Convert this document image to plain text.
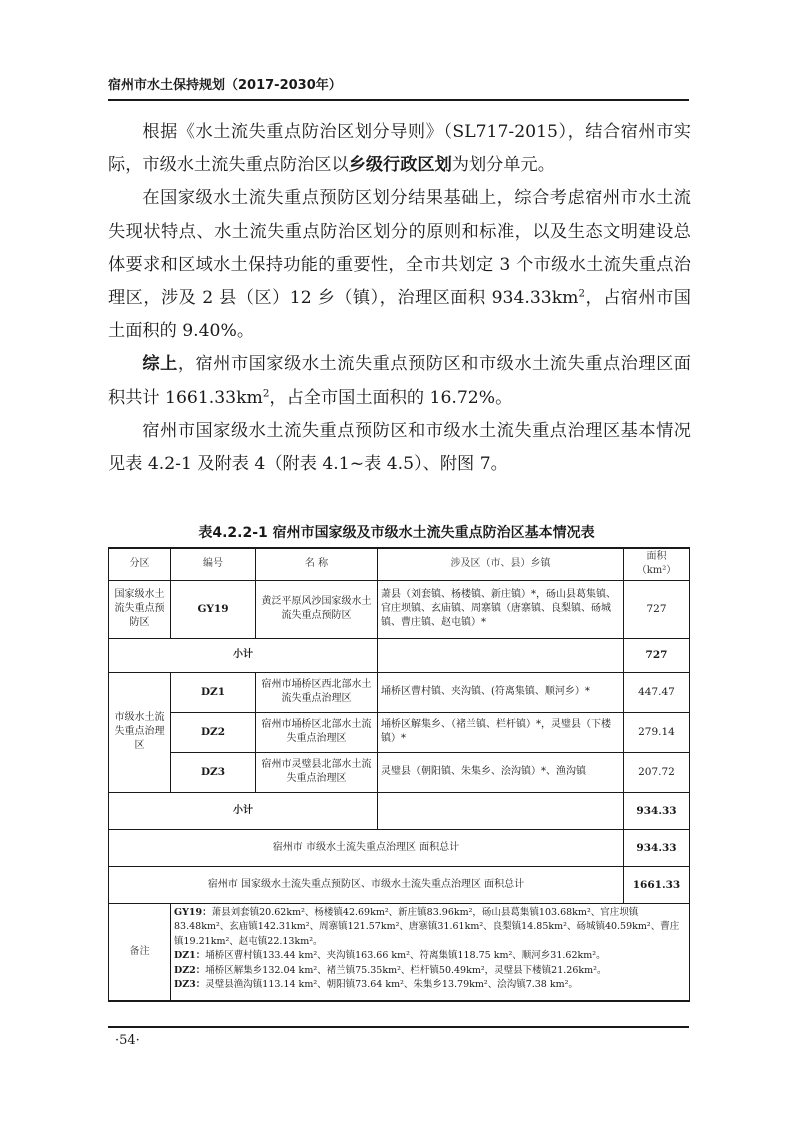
宿州市水土保持规划（2017-2030年）

根据《水土流失重点防治区划分导则》（SL717-2015），结合宿州市实际，市级水土流失重点防治区以乡级行政区划为划分单元。

在国家级水土流失重点预防区划分结果基础上，综合考虑宿州市水土流失现状特点、水土流失重点防治区划分的原则和标准，以及生态文明建设总体要求和区域水土保持功能的重要性，全市共划定 3 个市级水土流失重点治理区，涉及 2 县（区）12 乡（镇），治理区面积 $934.33km^2$，占宿州市国土面积的 9.40%。

综上，宿州市国家级水土流失重点预防区和市级水土流失重点治理区面积共计 $1661.33km^2$，占全市国土面积的 16.72%。

宿州市国家级水土流失重点预防区和市级水土流失重点治理区基本情况见表 4.2-1 及附表 4（附表 4.1~表 4.5）、附图 7。

表4.2.2-1 宿州市国家级及市级水土流失重点防治区基本情况表
分区	编号	名 称	涉及区（市、县）乡镇	面积
（km²）
国家级水土流失重点预防区	GY19	黄泛平原风沙国家级水土流失重点预防区	萧县（刘套镇、杨楼镇、新庄镇）*，砀山县葛集镇、官庄坝镇、玄庙镇、周寨镇（唐寨镇、良梨镇、砀城镇、曹庄镇、赵屯镇）*	727
小计				727
市级水土流失重点治理区	DZ1	宿州市埇桥区西北部水土流失重点治理区	埇桥区曹村镇、夹沟镇、(符离集镇、顺河乡）*	447.47
	DZ2	宿州市埇桥区北部水土流失重点治理区	埇桥区解集乡、（褚兰镇、栏杆镇）*，灵璧县（下楼镇）*	279.14
	DZ3	宿州市灵璧县北部水土流失重点治理区	灵璧县（朝阳镇、朱集乡、浍沟镇）*、渔沟镇	207.72
小计				934.33
宿州市 市级水土流失重点治理区 面积总计				934.33
宿州市 国家级水土流失重点预防区、市级水土流失重点治理区 面积总计				1661.33
备注	GY19：萧县刘套镇20.62km²、杨楼镇42.69km²、新庄镇83.96km²，砀山县葛集镇103.68km²、官庄坝镇83.48km²、玄庙镇142.31km²、周寨镇121.57km²、唐寨镇31.61km²、良梨镇14.85km²、砀城镇40.59km²、曹庄镇19.21km²、赵屯镇22.13km²。
DZ1：埇桥区曹村镇133.44 km²、夹沟镇163.66 km²、符离集镇118.75 km²、顺河乡31.62km²。
DZ2：埇桥区解集乡132.04 km²、褚兰镇75.35km²、栏杆镇50.49km²，灵璧县下楼镇21.26km²。
DZ3：灵璧县渔沟镇113.14 km²、朝阳镇73.64 km²、朱集乡13.79km²、浍沟镇7.38 km²。			
·54·
